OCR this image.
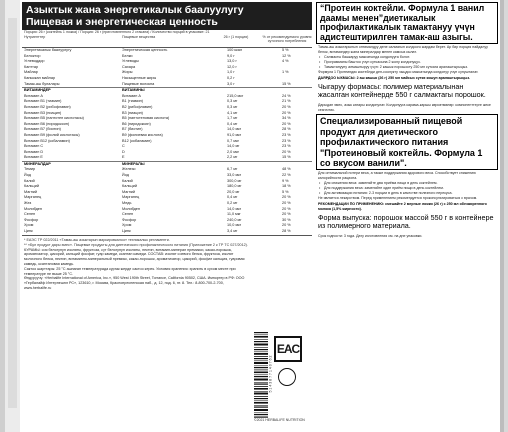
Азыктык жана энергетикалык баалуулугу
Пищевая и энергетическая ценность
Порция: 26 г (коктейль 1 ложка) / Порция: 26 г (приготовленного 2 стакана) / Количество порций в упаковке: 21
Нутриенттер	Пищевые вещества	26 г (1 порция)	% от рекомендуемого уровня суточного потребления
Энергетикалык баалуулугу	Энергетическая ценность	100 ккал	5 %
Белоктор	Белки	9,0 г	12 %
Углеводдор	Углеводы	13,0 г	4 %
Канттар	Сахара	12,0 г
Майлар	Жиры	1,0 г	1 %
Каныккан майлар	Насыщенные жиры	0,2 г
Тамак-аш булалары	Пищевые волокна	3,0 г	15 %
ВИТАМИНДЕР	ВИТАМИНЫ
Витамин А	Витамин А	215,0 мкг	24 %
Витамин В1 (тиамин)	В1 (тиамин)	0,3 мг	21 %
Витамин В2 (рибофлавин)	В2 (рибофлавин)	0,3 мг	20 %
Витамин В3 (ниацин)	В3 (ниацин)	4,1 мг	20 %
Витамин В5 (пантотен кислотасы)	В5 (пантотеновая кислота)	1,7 мг	34 %
Витамин В6 (пиридоксин)	В6 (пиридоксин)	0,4 мг	20 %
Витамин В7 (биотин)	В7 (биотин)	14,0 мкг	28 %
Витамин В9 (фолий кислотасы)	В9 (фолиевая кислота)	91,0 мкг	23 %
Витамин В12 (кобаламин)	В12 (кобаламин)	0,7 мкг	23 %
Витамин С	С	14,0 мг	23 %
Витамин D	D	2,0 мкг	20 %
Витамин Е	Е	2,2 мг	15 %
МИНЕРАЛДАР	МИНЕРАЛЫ
Темир	Железо	6,7 мг	48 %
Йод	Йод	33,0 мкг	22 %
Калий	Калий	300,0 мг	9 %
Кальций	Кальций	180,0 мг	18 %
Магний	Магний	20,0 мг	5 %
Марганец	Марганец	0,4 мг	20 %
Жез	Медь	0,2 мг	20 %
Молибден	Молибден	14,0 мкг	20 %
Селен	Селен	11,0 мкг	20 %
Фосфор	Фосфор	240,0 мг	30 %
Хром	Хром	10,0 мкг	20 %
Цинк	Цинк	3,4 мг	28 %
* ЕАЭС ТР 022/2011 «Тамак-аш азыктарын маркировкалоо» техникалык регламенти.
** «Бул продукт дары эмес». Пищевые продукты для диетического профилактического питания (Приложение 2 к ТР ТС 027/2012).
КУРАМЫ: соя белогунун изоляты, фруктоза, сүт белогунун изоляты, пектин, витамин-минерал премикси, какао-порошок, ароматизатор, цикорий, кальций фосфат, гуар камеди, ксантан камеди. СОСТАВ: изолят соевого белка, фруктоза, изолят молочного белка, пектин, витаминно-минеральный премикс, какао-порошок, ароматизатор, цикорий, фосфат кальция, гуаровая камедь, ксантановая камедь.
Сактоо шарттары: 25 °С ашпаган температурада кургак жерде сактоо керек. Условия хранения: хранить в сухом месте при температуре не выше 25 °С.
Өндүрүүчү: «Herbalife International of America, Inc.», 950 West 190th Street, Torrance, California 90502, США. Импортер в РФ: ООО «Гербалайф Интернешнл РС», 123610, г. Москва, Краснопресненская наб., д. 12, под. 6, эт. 8. Тел.: 8-800-700-2-700, www.herbalife.ru
5 1 4 3 8 7 7 1 4 0 7 6 2
EAC
©2021 HERBALIFE NUTRITION
“Протеин коктейли. Формула 1 ванил даамы менен”диетикалык профилактикалык тамактануу үчүн адистештирилген тамак-аш азыгы.
Тамак-аш азыктарынын оптималдуу дене салмагын колдоого жардам берет. Ар бир порция пайдалуу белок, витаминдер жана минералдар менен камсыз кылат.
• Салмакты башкаруу максатында колдонууга болот.
• Программаны баштоо үчүн суткасына 2 жолу колдонуңуз.
• Тамактанууну алмаштыруу үчүн: 2 кашык порошокту 250 мл суткага аралаштырыңыз.
Формула 1 Протеиндик коктейлди ден-соолукту чыңдоо максатында колдонуу үчүн сунушталат.
ДАЯРДОО ЫКМАСЫ: 2 аш кашык (26 г) 250 мл майсыз сүткө кошуп аралаштырыңыз.
Чыгаруу формасы: полимер материалынан жасалган контейнерде 550 г салмактагы порошок.
Дарыдан эмес, азык катары колдонулат. Колдонууга карама-каршы көрсөтмөлөр: компоненттерге жеке сезгичтик.
Специализированный пищевой продукт для диетического профилактического питания "Протеиновый коктейль. Формула 1 со вкусом ванили".
Для оптимальной потери веса, а также поддержания здорового веса. Способствует снижению калорийности рациона.
• Для снижения веса: заменяйте два приёма пищи в день коктейлем.
• Для поддержания веса: заменяйте один приём пищи в день коктейлем.
• Для активизации питания: 2-3 порции в день в качестве полезного перекуса.
Не является лекарством. Перед применением рекомендуется проконсультироваться с врачом.
РЕКОМЕНДАЦИИ ПО ПРИМЕНЕНИЮ: смешайте 2 мерные ложки (26 г) с 250 мл обезжиренного молока (1,5% жирности).
Форма выпуска: порошок массой 550 г в контейнере из полимерного материала.
Срок годности: 3 года. Дату изготовления см. на дне упаковки.
